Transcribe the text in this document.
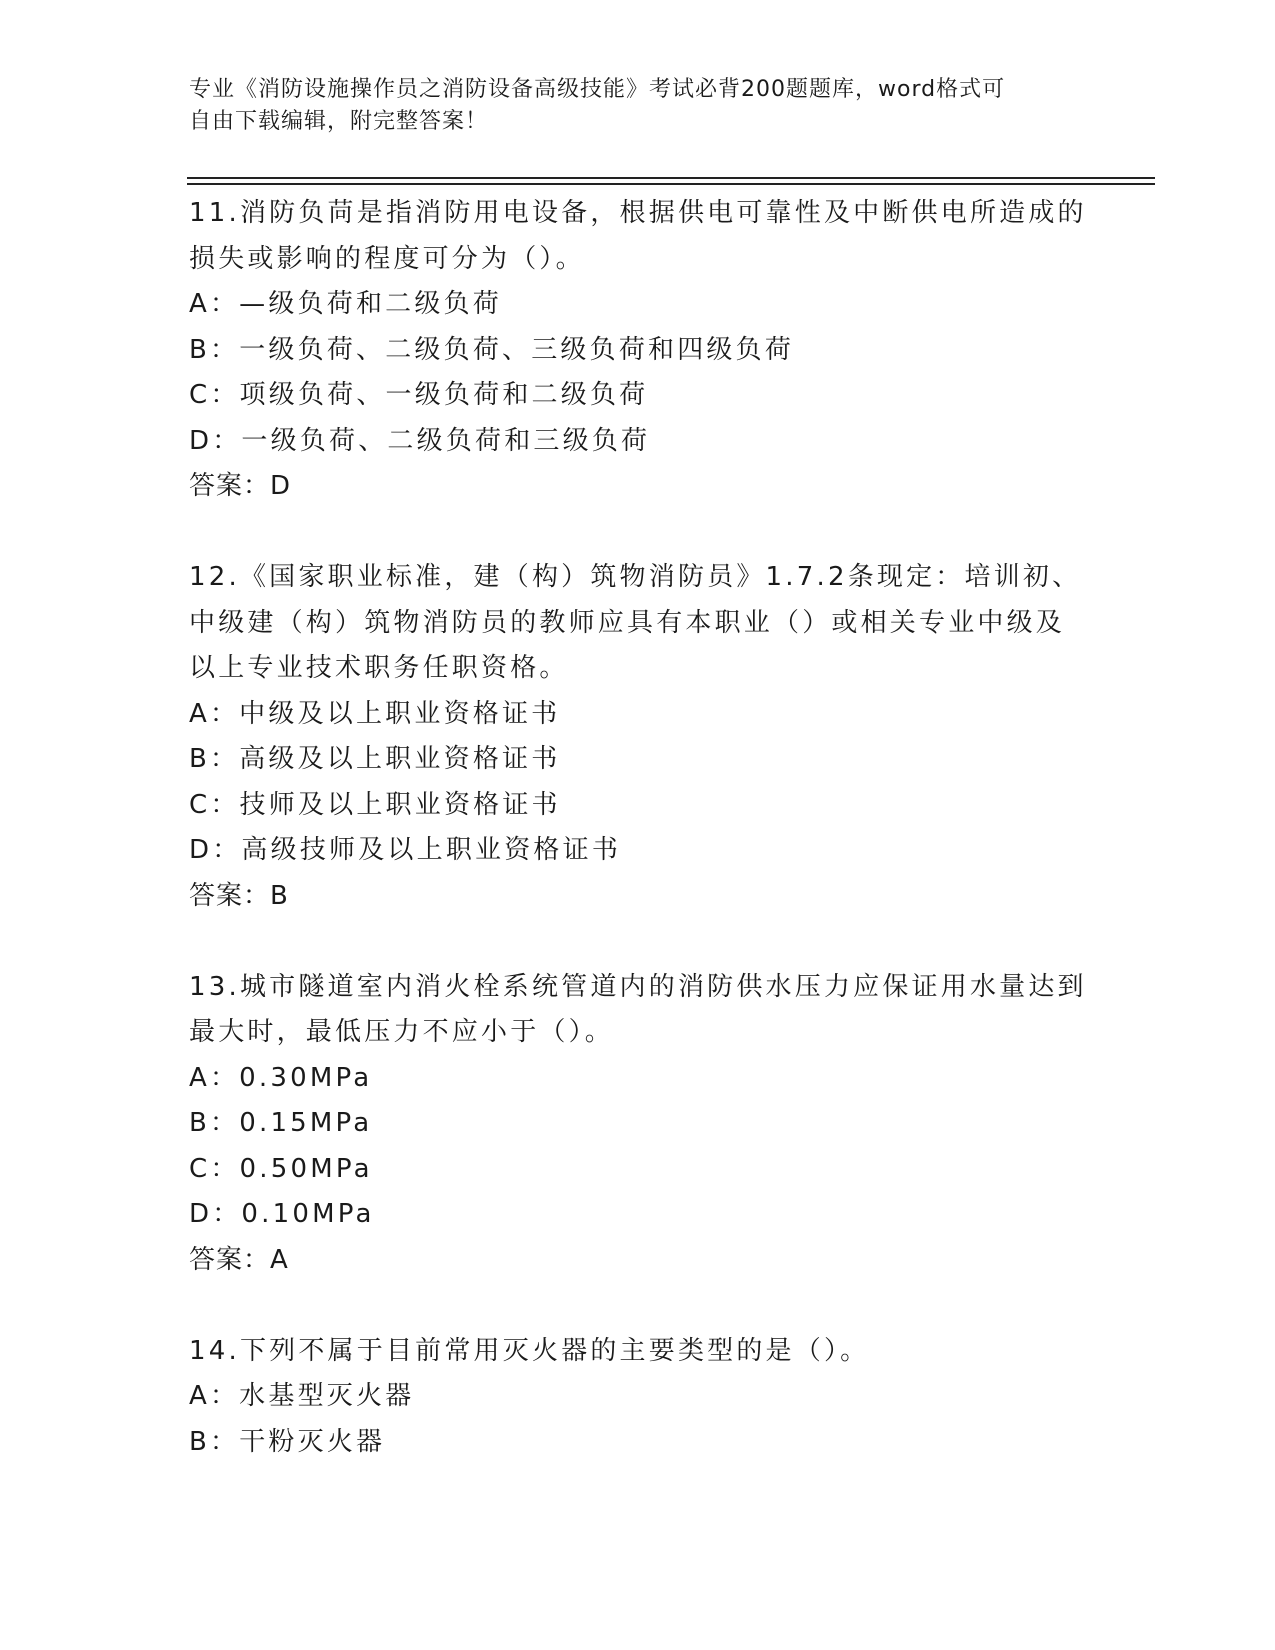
专业《消防设施操作员之消防设备高级技能》考试必背200题题库，word格式可
自由下载编辑，附完整答案！
11.消防负苘是指消防用电设备，根据供电可靠性及中断供电所造成的
损失或影响的程度可分为（）。
A：—级负荷和二级负荷
B：一级负荷、二级负荷、三级负荷和四级负荷
C：项级负荷、一级负荷和二级负荷
D：一级负荷、二级负荷和三级负荷
答案：D
12.《国家职业标准，建（构）筑物消防员》1.7.2条现定：培训初、
中级建（构）筑物消防员的教师应具有本职业（）或相关专业中级及
以上专业技术职务任职资格。
A：中级及以上职业资格证书
B：高级及以上职业资格证书
C：技师及以上职业资格证书
D：高级技师及以上职业资格证书
答案：B
13.城市隧道室内消火栓系统管道内的消防供水压力应保证用水量达到
最大时，最低压力不应小于（）。
A：0.30MPa
B：0.15MPa
C：0.50MPa
D：0.10MPa
答案：A
14.下列不属于目前常用灭火器的主要类型的是（）。
A：水基型灭火器
B：干粉灭火器
